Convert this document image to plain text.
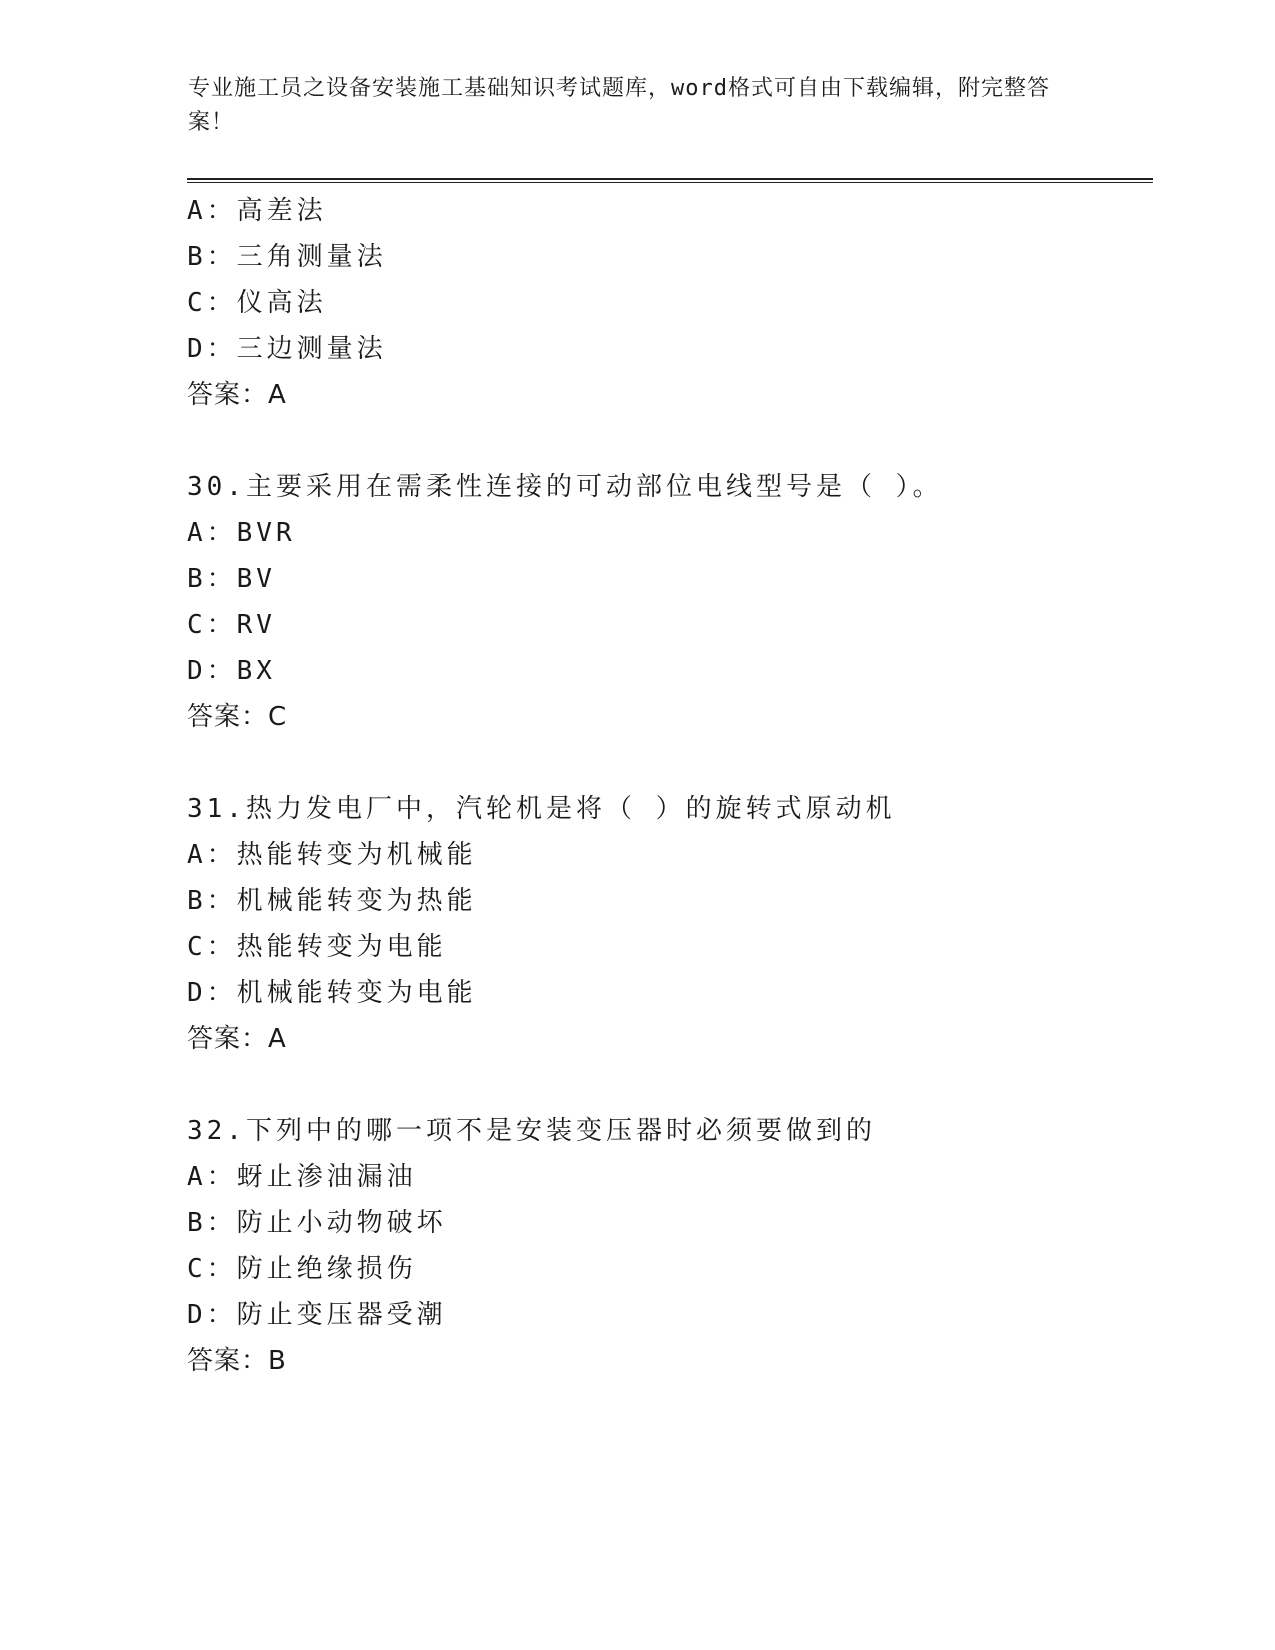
专业施工员之设备安装施工基础知识考试题库，word格式可自由下载编辑，附完整答案！
A：高差法
B：三角测量法
C：仪高法
D：三边测量法
答案：A
30.主要采用在需柔性连接的可动部位电线型号是（ ）。
A：BVR
B：BV
C：RV
D：BX
答案：C
31.热力发电厂中，汽轮机是将（ ）的旋转式原动机
A：热能转变为机械能
B：机械能转变为热能
C：热能转变为电能
D：机械能转变为电能
答案：A
32.下列中的哪一项不是安装变压器时必须要做到的
A：蚜止渗油漏油
B：防止小动物破坏
C：防止绝缘损伤
D：防止变压器受潮
答案：B
